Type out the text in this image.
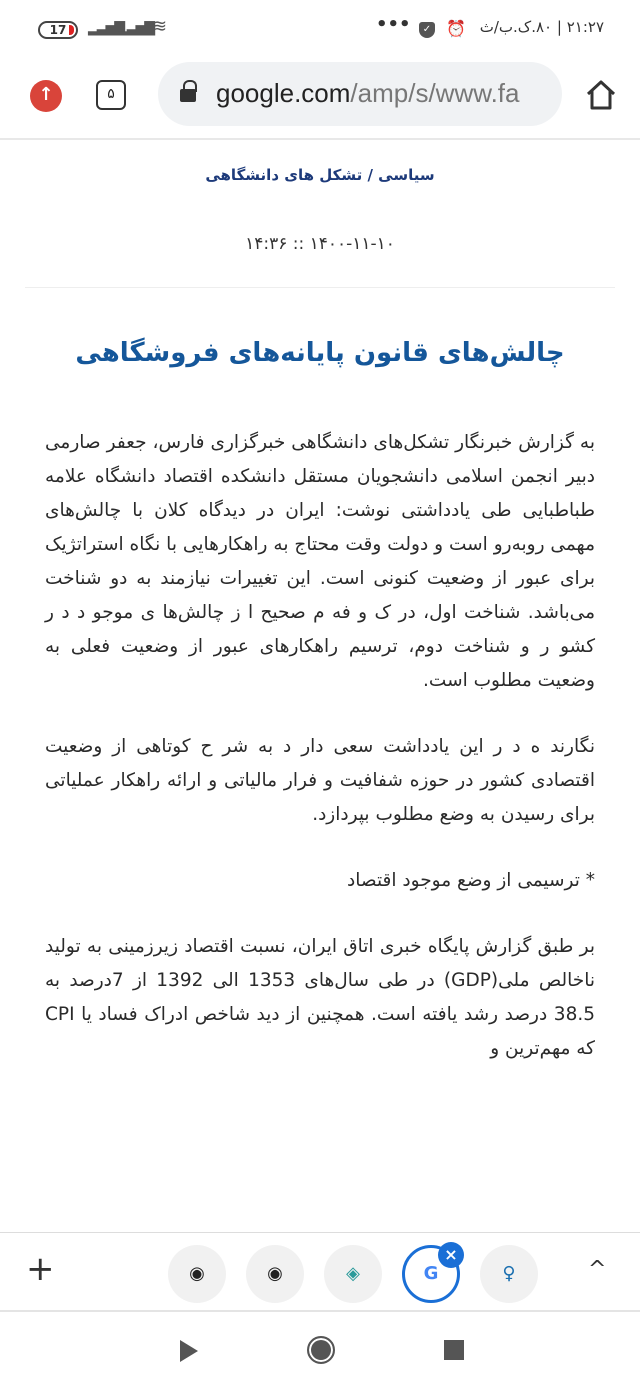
17	▂▃▅▇
▂▃▅▇
≋	•••	✓ ⏰ ۲۱:۲۷ | ۸۰.ک.ب/ث
↑	۵	google.com/amp/s/www.fa
سیاسی / تشکل های دانشگاهی
۱۴:۳۶ :: ۱۴۰۰-۱۱-۱۰
چالش‌های قانون پایانه‌های فروشگاهی

به گزارش خبرنگار تشکل‌های دانشگاهی خبرگزاری فارس، جعفر صارمی دبیر انجمن اسلامی دانشجویان مستقل دانشکده اقتصاد دانشگاه علامه طباطبایی طی یادداشتی نوشت: ایران در دیدگاه کلان با چالش‌های مهمی روبه‌رو است و دولت وقت محتاج به راهکارهایی با نگاه استراتژیک برای عبور از وضعیت کنونی است. این تغییرات نیازمند به دو شناخت می‌باشد. شناخت اول، در ک و فه م صحیح ا ز چالش‌ها ی موجو د د ر کشو ر و شناخت دوم، ترسیم راهکارهای عبور از وضعیت فعلی به وضعیت مطلوب است.

نگارند ه د ر این یادداشت سعی دار د به شر ح کوتاهی از وضعیت اقتصادی کشور در حوزه شفافیت و فرار مالیاتی و ارائه راهکار عملیاتی برای رسیدن به وضع مطلوب بپردازد.

* ترسیمی از وضع موجود اقتصاد

بر طبق گزارش پایگاه خبری اتاق ایران، نسبت اقتصاد زیرزمینی به تولید ناخالص ملی(GDP) در طی سال‌های 1353 الی 1392 از 7درصد به 38.5 درصد رشد یافته است. همچنین از دید شاخص ادراک فساد یا CPI که مهم‌ترین و

+	◉	◉	◈	G
×
♀	^
